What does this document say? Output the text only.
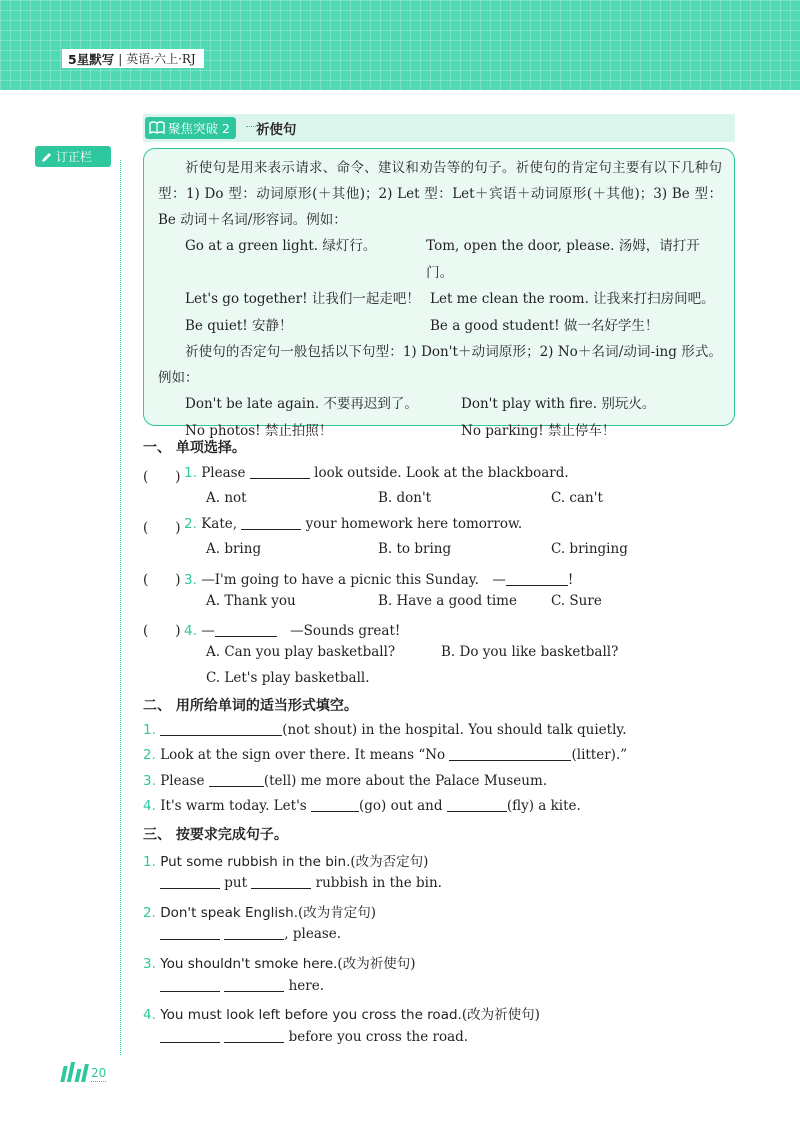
5星默写 | 英语·六上·RJ
订正栏
聚焦突破 2 祈使句

祈使句是用来表示请求、命令、建议和劝告等的句子。祈使句的肯定句主要有以下几种句型：1) Do 型：动词原形(＋其他)；2) Let 型：Let＋宾语＋动词原形(＋其他)；3) Be 型：Be 动词＋名词/形容词。例如：

Go at a green light. 绿灯行。	Tom, open the door, please. 汤姆，请打开门。
Let's go together! 让我们一起走吧！ Let me clean the room. 让我来打扫房间吧。
Be quiet! 安静！	Be a good student! 做一名好学生！

祈使句的否定句一般包括以下句型：1) Don't＋动词原形；2) No＋名词/动词-ing 形式。例如：

Don't be late again. 不要再迟到了。	Don't play with fire. 别玩火。
No photos! 禁止拍照！	No parking! 禁止停车！
一、 单项选择。
(　　) 1. Please	look outside. Look at the blackboard.
A. not	B. don't	C. can't
(　　) 2. Kate,	your homework here tomorrow.
A. bring	B. to bring	C. bringing
(　　) 3. —I'm going to have a picnic this Sunday.　—	!
A. Thank you	B. Have a good time	C. Sure
(　　) 4. —	　—Sounds great!
A. Can you play basketball?	B. Do you like basketball?
C. Let's play basketball.
二、 用所给单词的适当形式填空。
1.	(not shout) in the hospital. You should talk quietly.
2. Look at the sign over there. It means “No	(litter).”
3. Please	(tell) me more about the Palace Museum.
4. It's warm today. Let's	(go) out and	(fly) a kite.
三、 按要求完成句子。
1. Put some rubbish in the bin.(改为否定句)
put	rubbish in the bin.
2. Don't speak English.(改为肯定句)
, please.
3. You shouldn't smoke here.(改为祈使句)
here.
4. You must look left before you cross the road.(改为祈使句)
before you cross the road.
20
